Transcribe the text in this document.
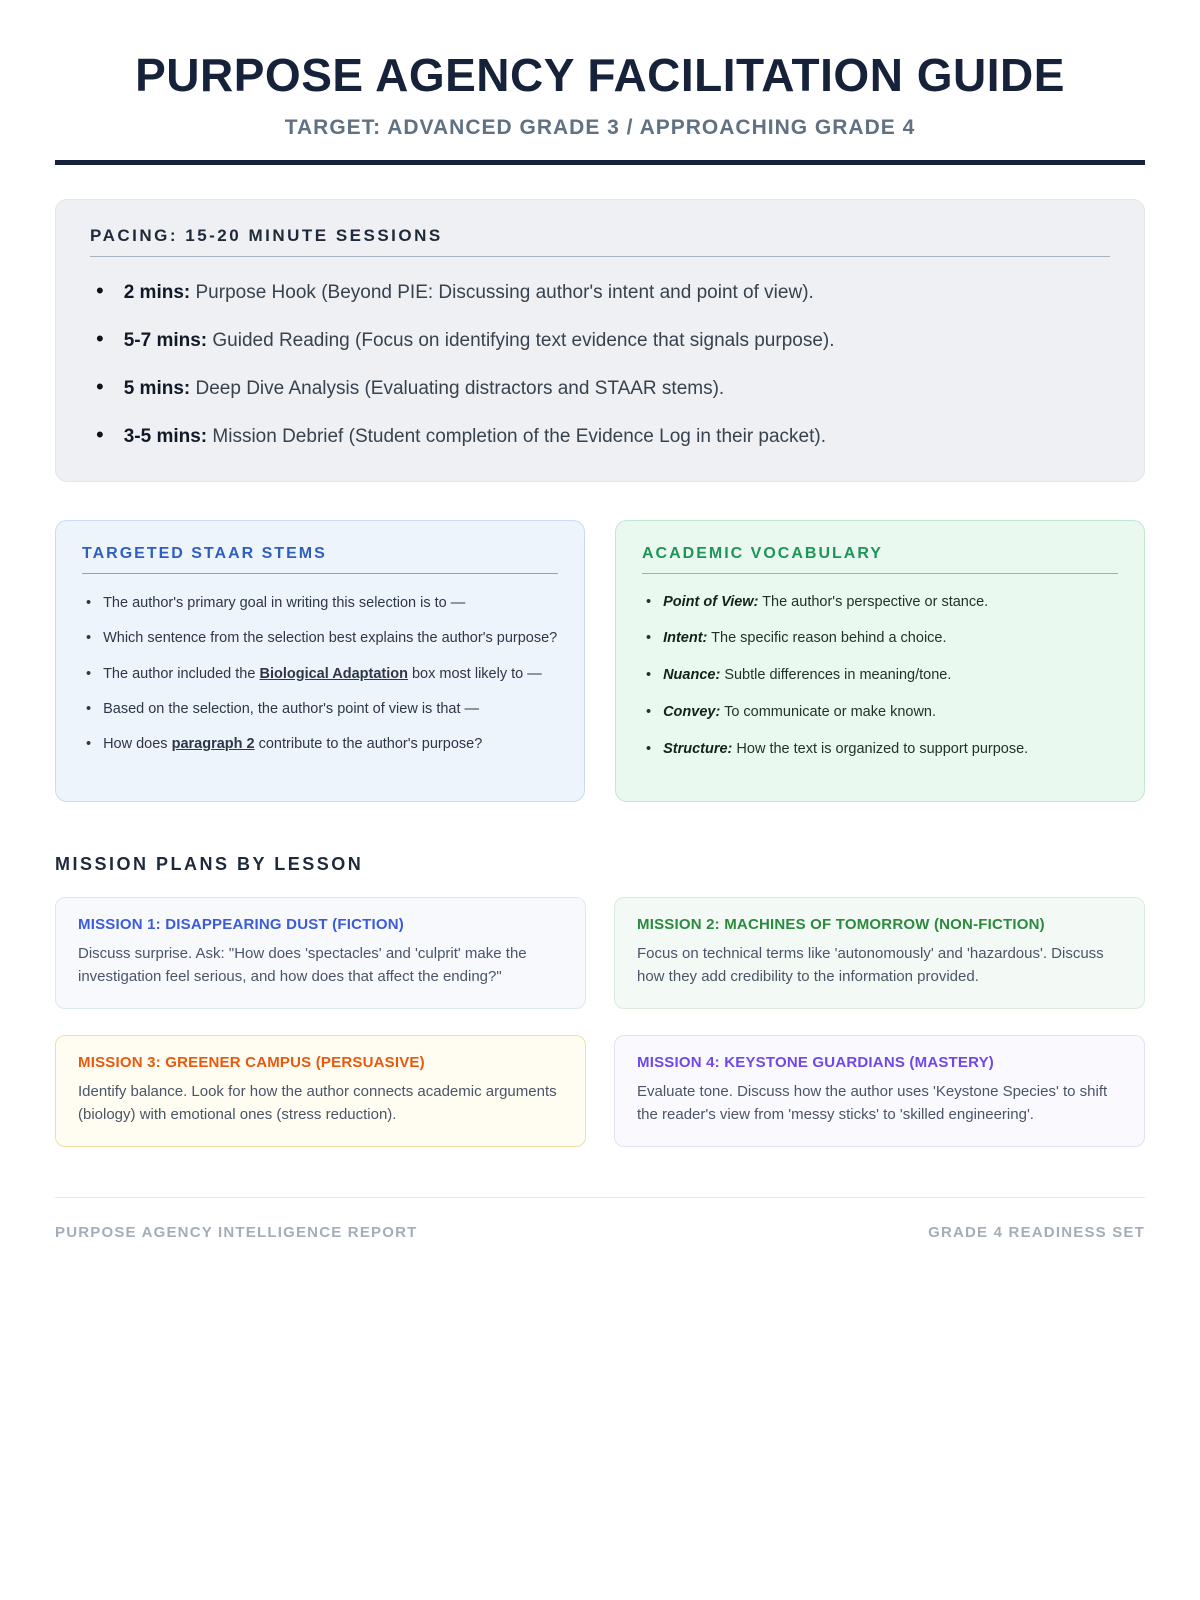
PURPOSE AGENCY FACILITATION GUIDE
TARGET: ADVANCED GRADE 3 / APPROACHING GRADE 4
PACING: 15-20 MINUTE SESSIONS
• 2 mins: Purpose Hook (Beyond PIE: Discussing author's intent and point of view).
• 5-7 mins: Guided Reading (Focus on identifying text evidence that signals purpose).
• 5 mins: Deep Dive Analysis (Evaluating distractors and STAAR stems).
• 3-5 mins: Mission Debrief (Student completion of the Evidence Log in their packet).
TARGETED STAAR STEMS
• The author's primary goal in writing this selection is to —
• Which sentence from the selection best explains the author's purpose?
• The author included the Biological Adaptation box most likely to —
• Based on the selection, the author's point of view is that —
• How does paragraph 2 contribute to the author's purpose?
ACADEMIC VOCABULARY
• Point of View: The author's perspective or stance.
• Intent: The specific reason behind a choice.
• Nuance: Subtle differences in meaning/tone.
• Convey: To communicate or make known.
• Structure: How the text is organized to support purpose.
MISSION PLANS BY LESSON
MISSION 1: DISAPPEARING DUST (FICTION)
Discuss surprise. Ask: "How does 'spectacles' and 'culprit' make the investigation feel serious, and how does that affect the ending?"
MISSION 2: MACHINES OF TOMORROW (NON-FICTION)
Focus on technical terms like 'autonomously' and 'hazardous'. Discuss how they add credibility to the information provided.
MISSION 3: GREENER CAMPUS (PERSUASIVE)
Identify balance. Look for how the author connects academic arguments (biology) with emotional ones (stress reduction).
MISSION 4: KEYSTONE GUARDIANS (MASTERY)
Evaluate tone. Discuss how the author uses 'Keystone Species' to shift the reader's view from 'messy sticks' to 'skilled engineering'.
PURPOSE AGENCY INTELLIGENCE REPORT	GRADE 4 READINESS SET
